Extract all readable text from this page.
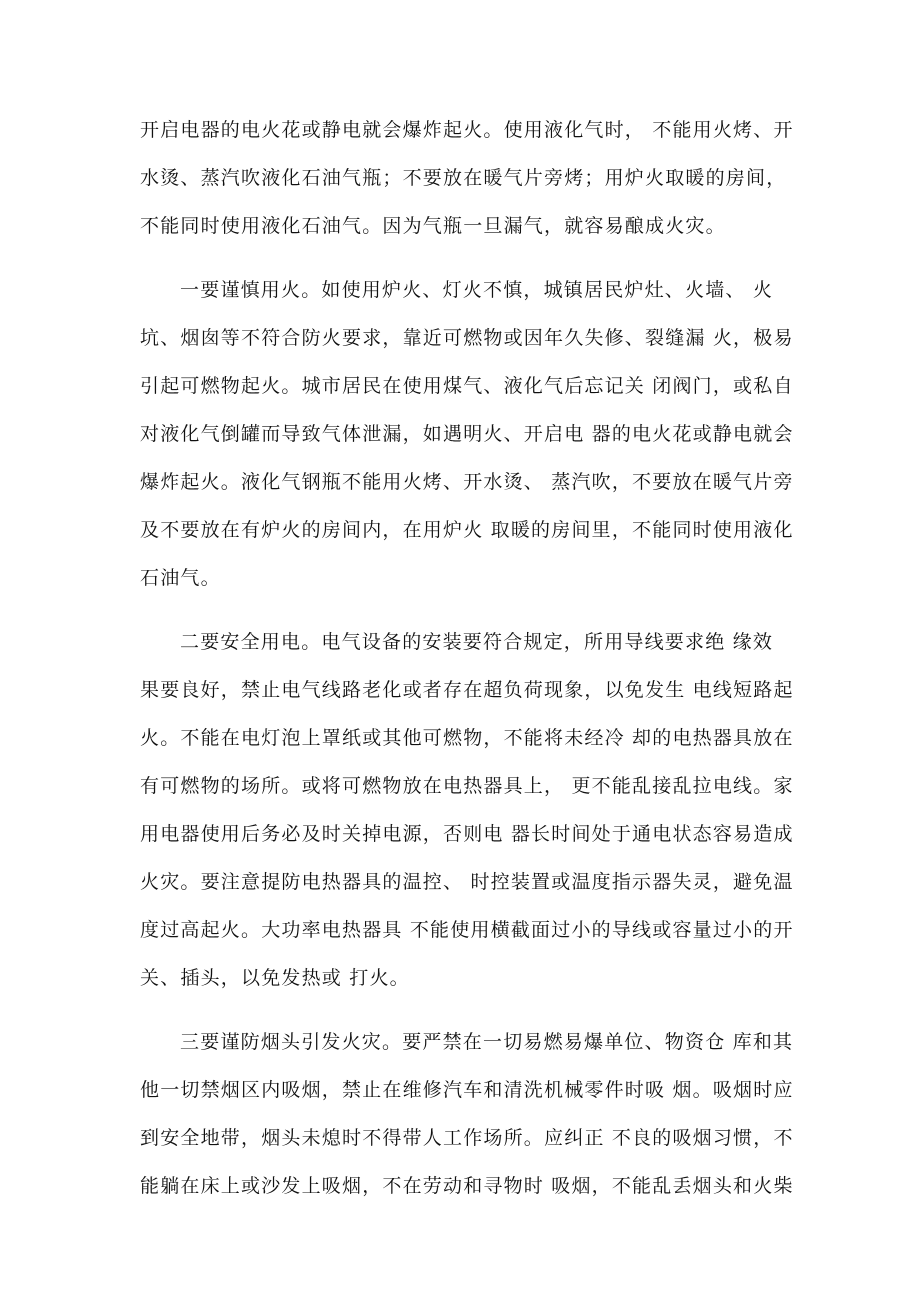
开启电器的电火花或静电就会爆炸起火。使用液化气时， 不能用火烤、开
水烫、蒸汽吹液化石油气瓶；不要放在暖气片旁烤；用炉火取暖的房间，
不能同时使用液化石油气。因为气瓶一旦漏气，就容易酿成火灾。
一要谨慎用火。如使用炉火、灯火不慎，城镇居民炉灶、火墙、 火
坑、烟囱等不符合防火要求，靠近可燃物或因年久失修、裂缝漏 火，极易
引起可燃物起火。城市居民在使用煤气、液化气后忘记关 闭阀门，或私自
对液化气倒罐而导致气体泄漏，如遇明火、开启电 器的电火花或静电就会
爆炸起火。液化气钢瓶不能用火烤、开水烫、 蒸汽吹，不要放在暖气片旁
及不要放在有炉火的房间内，在用炉火 取暖的房间里，不能同时使用液化
石油气。
二要安全用电。电气设备的安装要符合规定，所用导线要求绝 缘效
果要良好，禁止电气线路老化或者存在超负荷现象，以免发生 电线短路起
火。不能在电灯泡上罩纸或其他可燃物，不能将未经冷 却的电热器具放在
有可燃物的场所。或将可燃物放在电热器具上， 更不能乱接乱拉电线。家
用电器使用后务必及时关掉电源，否则电 器长时间处于通电状态容易造成
火灾。要注意提防电热器具的温控、 时控装置或温度指示器失灵，避免温
度过高起火。大功率电热器具 不能使用横截面过小的导线或容量过小的开
关、插头，以免发热或 打火。
三要谨防烟头引发火灾。要严禁在一切易燃易爆单位、物资仓 库和其
他一切禁烟区内吸烟，禁止在维修汽车和清洗机械零件时吸 烟。吸烟时应
到安全地带，烟头未熄时不得带人工作场所。应纠正 不良的吸烟习惯，不
能躺在床上或沙发上吸烟，不在劳动和寻物时 吸烟，不能乱丢烟头和火柴
